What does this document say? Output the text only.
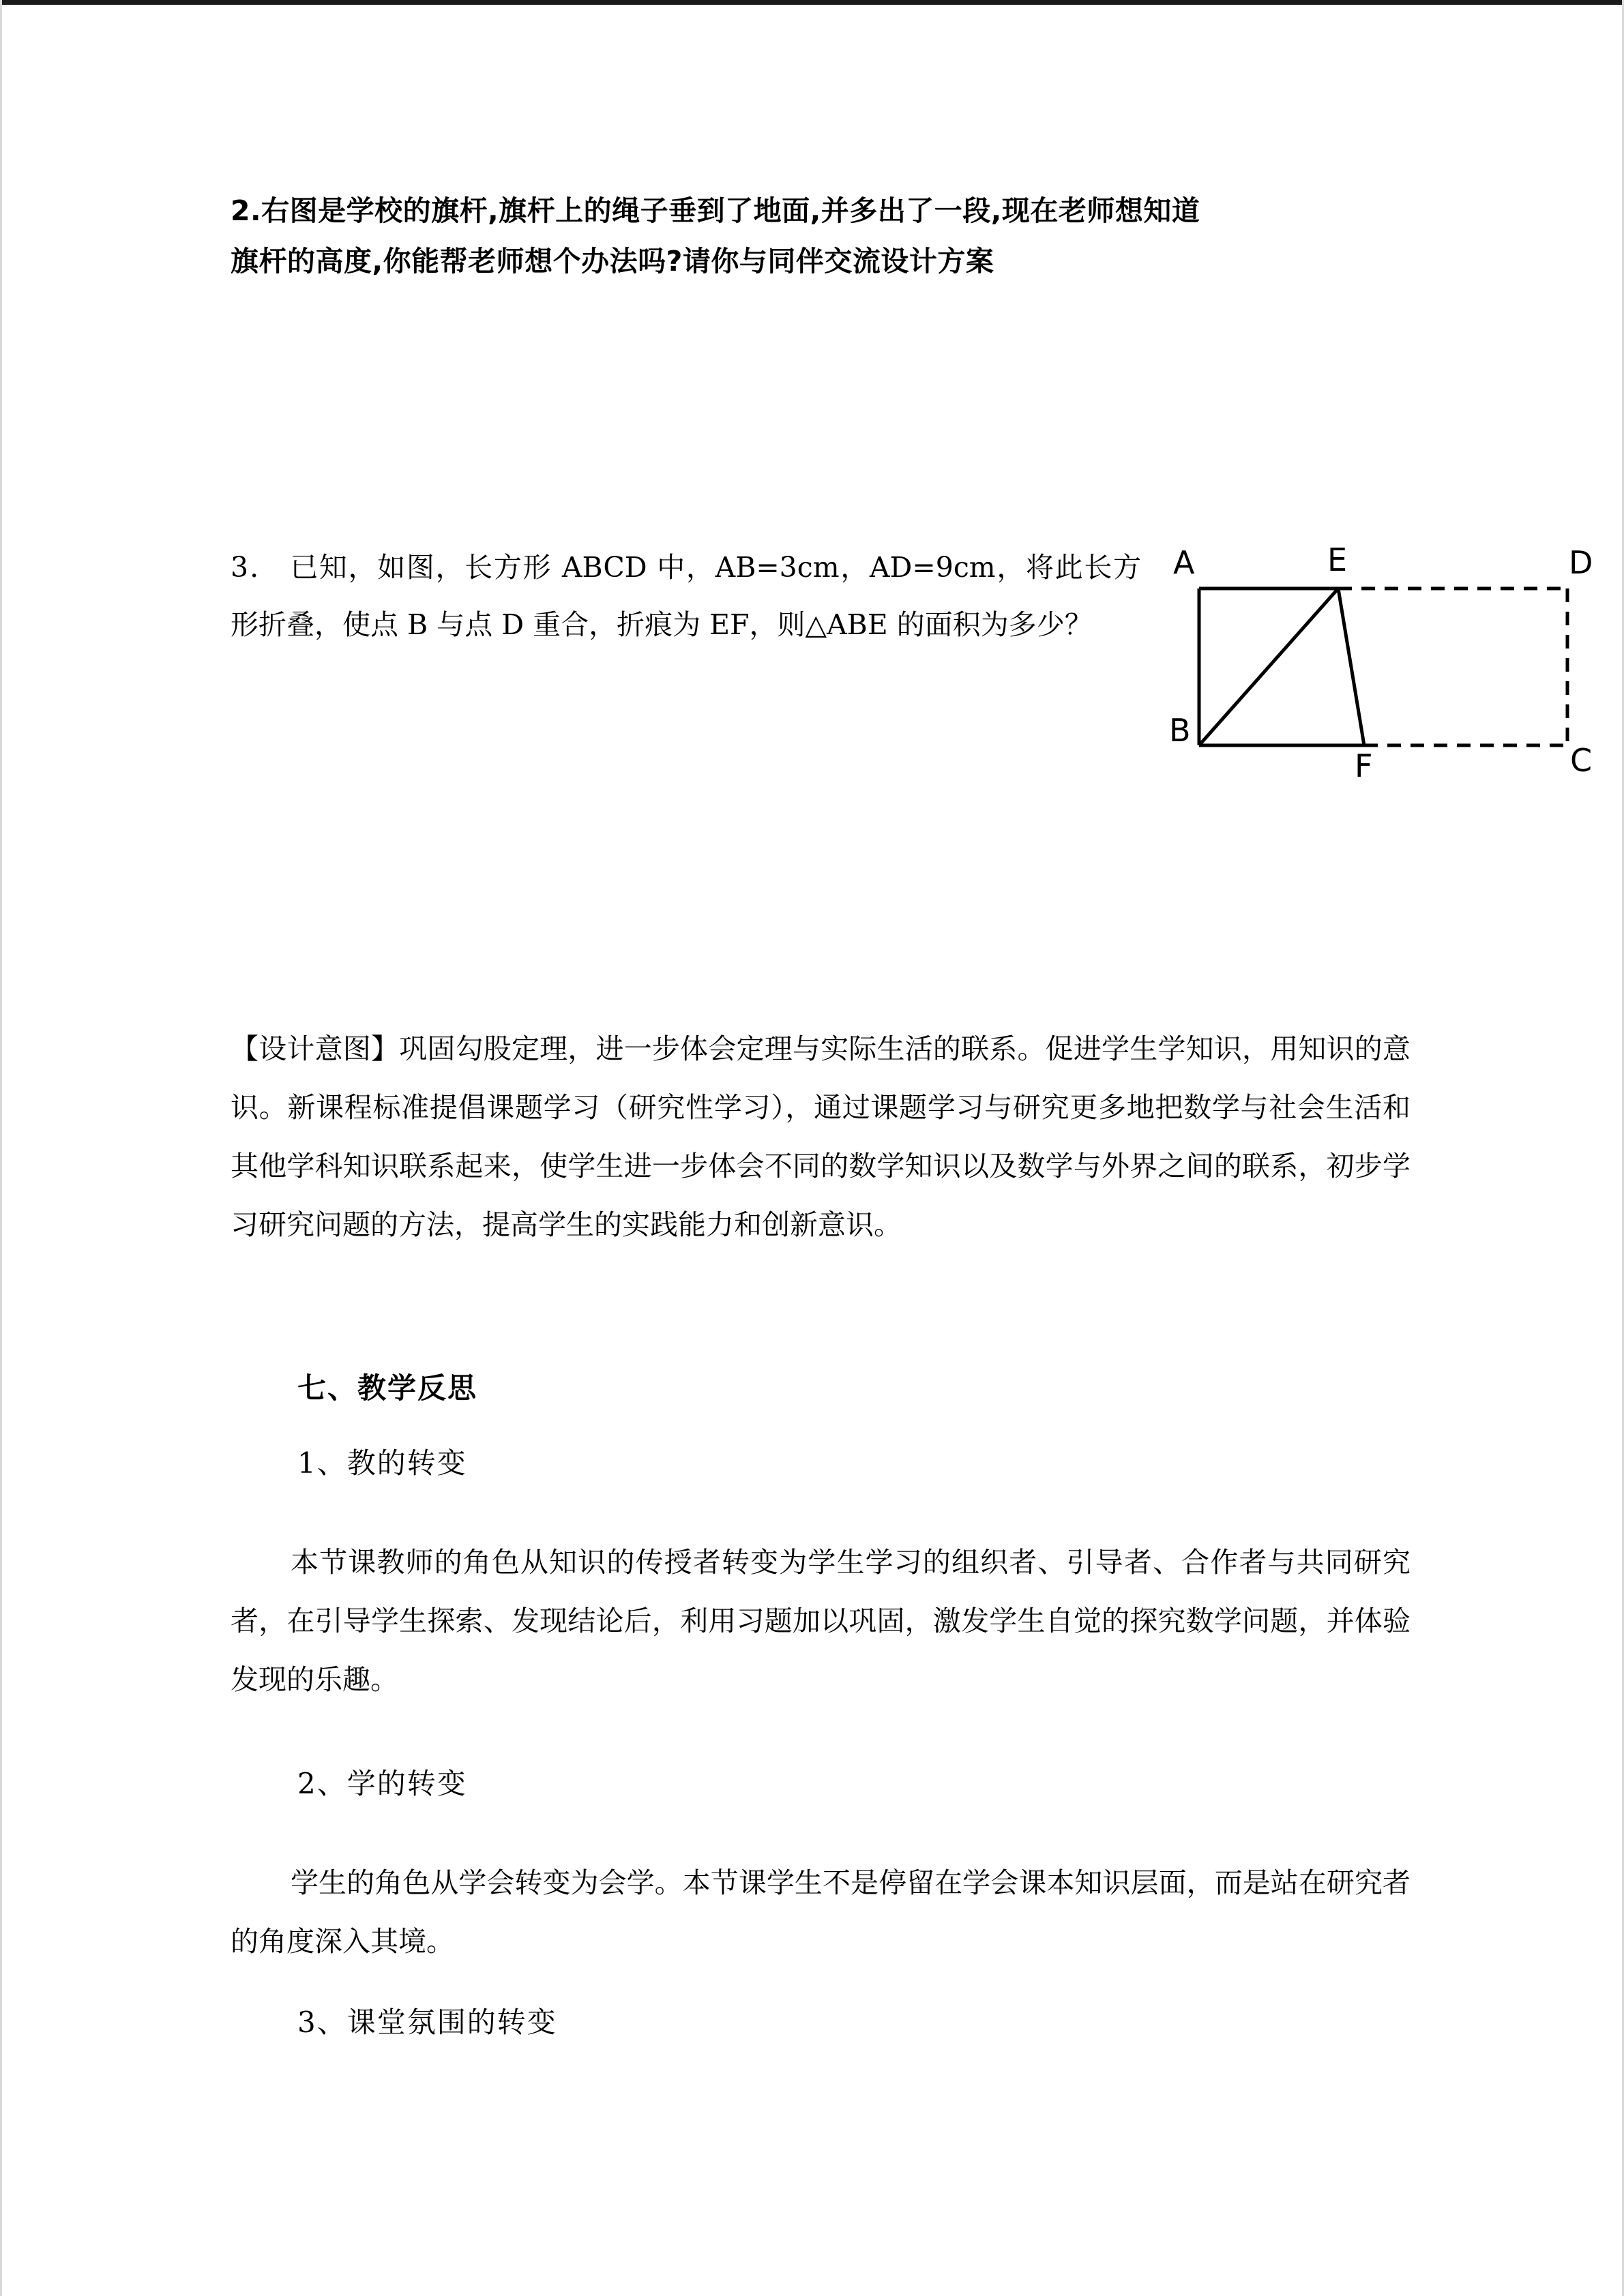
2.右图是学校的旗杆,旗杆上的绳子垂到了地面,并多出了一段,现在老师想知道
旗杆的高度,你能帮老师想个办法吗?请你与同伴交流设计方案
3. 已知，如图，长方形 ABCD 中，AB=3cm，AD=9cm，将此长方形折叠，使点 B 与点 D 重合，折痕为 EF，则△ABE 的面积为多少？
A	E	D
B
F	C
【设计意图】巩固勾股定理，进一步体会定理与实际生活的联系。促进学生学知识，用知识的意识。新课程标准提倡课题学习（研究性学习），通过课题学习与研究更多地把数学与社会生活和其他学科知识联系起来，使学生进一步体会不同的数学知识以及数学与外界之间的联系，初步学习研究问题的方法，提高学生的实践能力和创新意识。
七、教学反思
1、教的转变
本节课教师的角色从知识的传授者转变为学生学习的组织者、引导者、合作者与共同研究者，在引导学生探索、发现结论后，利用习题加以巩固，激发学生自觉的探究数学问题，并体验发现的乐趣。
2、学的转变
学生的角色从学会转变为会学。本节课学生不是停留在学会课本知识层面，而是站在研究者的角度深入其境。
3、课堂氛围的转变
